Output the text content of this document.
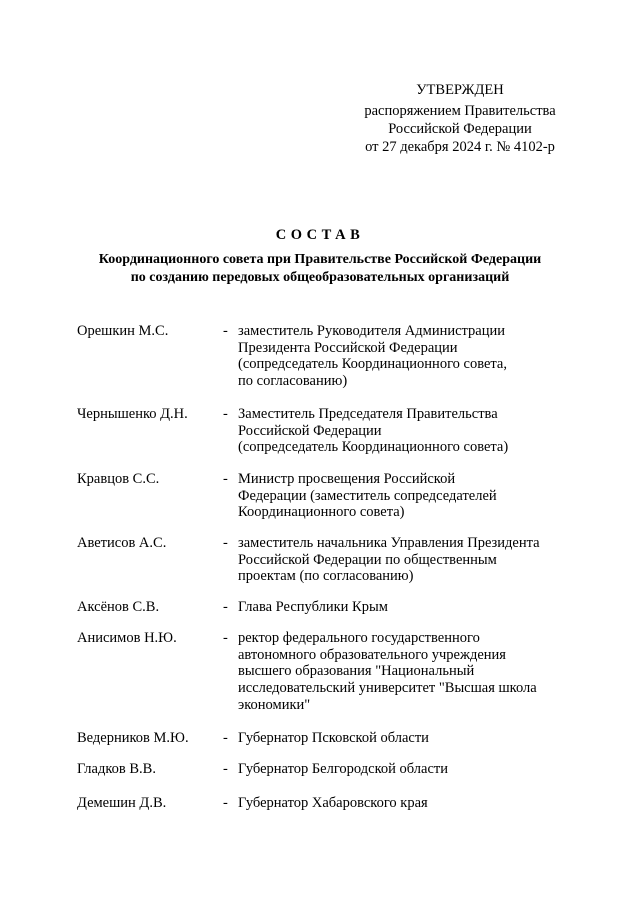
УТВЕРЖДЕН
распоряжением Правительства
Российской Федерации
от 27 декабря 2024 г. № 4102-р
СОСТАВ
Координационного совета при Правительстве Российской Федерации
по созданию передовых общеобразовательных организаций
Орешкин М.С.	- заместитель Руководителя Администрации
Президента Российской Федерации
(сопредседатель Координационного совета,
по согласованию)
Чернышенко Д.Н. - Заместитель Председателя Правительства
Российской Федерации
(сопредседатель Координационного совета)
Кравцов С.С.	- Министр просвещения Российской
Федерации (заместитель сопредседателей
Координационного совета)
Аветисов А.С.	- заместитель начальника Управления Президента
Российской Федерации по общественным
проектам (по согласованию)
Аксёнов С.В.	- Глава Республики Крым
Анисимов Н.Ю.	- ректор федерального государственного
автономного образовательного учреждения
высшего образования "Национальный
исследовательский университет "Высшая школа
экономики"
Ведерников М.Ю. - Губернатор Псковской области
Гладков В.В.	- Губернатор Белгородской области
Демешин Д.В.	- Губернатор Хабаровского края
